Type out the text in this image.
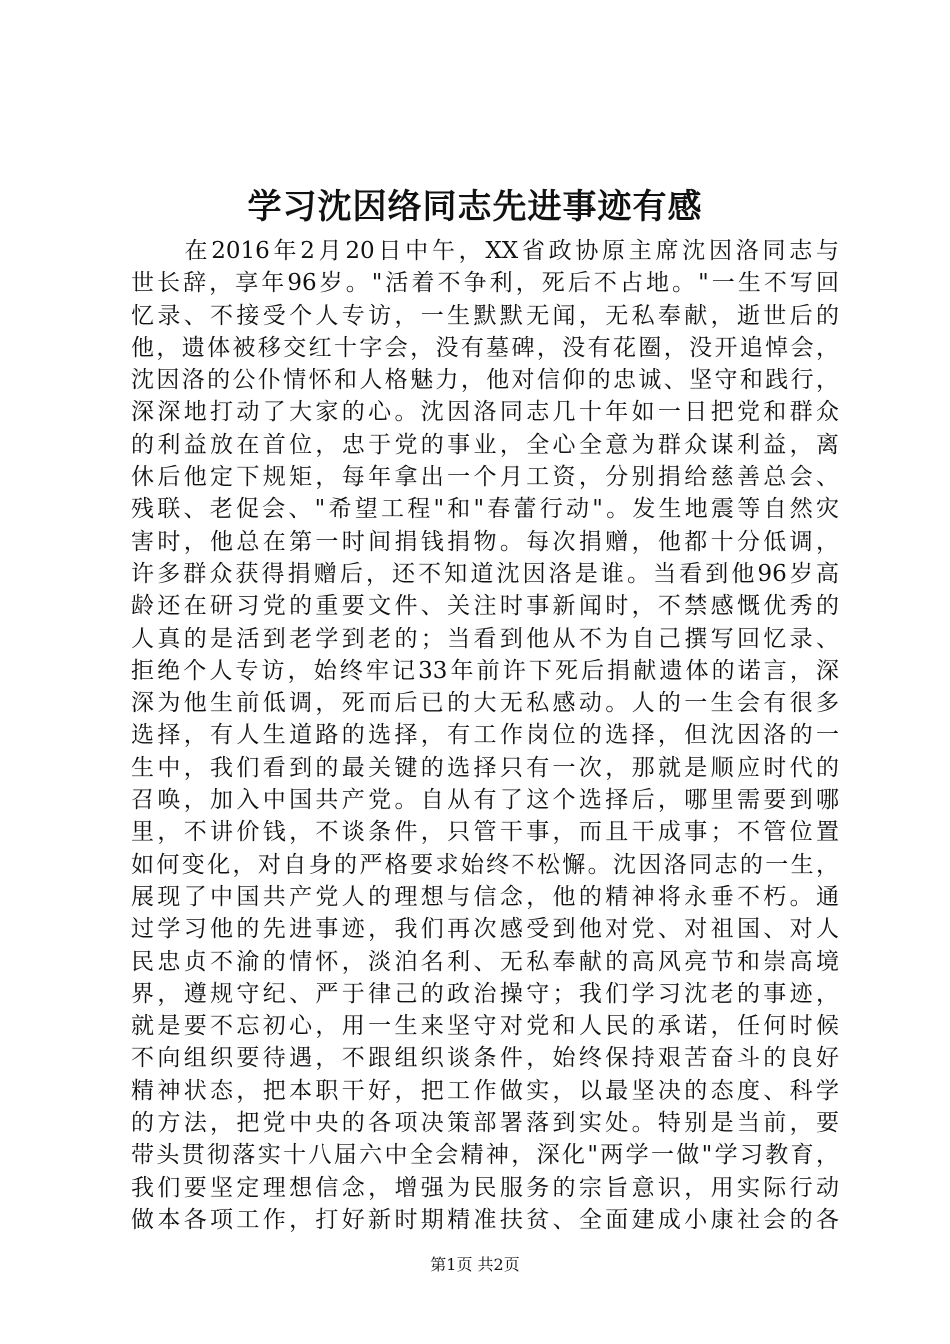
学习沈因络同志先进事迹有感
　　在2016年2月20日中午，XX省政协原主席沈因洛同志与
世长辞，享年96岁。"活着不争利，死后不占地。"一生不写回
忆录、不接受个人专访，一生默默无闻，无私奉献，逝世后的
他，遗体被移交红十字会，没有墓碑，没有花圈，没开追悼会，
沈因洛的公仆情怀和人格魅力，他对信仰的忠诚、坚守和践行，
深深地打动了大家的心。沈因洛同志几十年如一日把党和群众
的利益放在首位，忠于党的事业，全心全意为群众谋利益，离
休后他定下规矩，每年拿出一个月工资，分别捐给慈善总会、
残联、老促会、"希望工程"和"春蕾行动"。发生地震等自然灾
害时，他总在第一时间捐钱捐物。每次捐赠，他都十分低调，
许多群众获得捐赠后，还不知道沈因洛是谁。当看到他96岁高
龄还在研习党的重要文件、关注时事新闻时，不禁感慨优秀的
人真的是活到老学到老的；当看到他从不为自己撰写回忆录、
拒绝个人专访，始终牢记33年前许下死后捐献遗体的诺言，深
深为他生前低调，死而后已的大无私感动。人的一生会有很多
选择，有人生道路的选择，有工作岗位的选择，但沈因洛的一
生中，我们看到的最关键的选择只有一次，那就是顺应时代的
召唤，加入中国共产党。自从有了这个选择后，哪里需要到哪
里，不讲价钱，不谈条件，只管干事，而且干成事；不管位置
如何变化，对自身的严格要求始终不松懈。沈因洛同志的一生，
展现了中国共产党人的理想与信念，他的精神将永垂不朽。通
过学习他的先进事迹，我们再次感受到他对党、对祖国、对人
民忠贞不渝的情怀，淡泊名利、无私奉献的高风亮节和崇高境
界，遵规守纪、严于律己的政治操守；我们学习沈老的事迹，
就是要不忘初心，用一生来坚守对党和人民的承诺，任何时候
不向组织要待遇，不跟组织谈条件，始终保持艰苦奋斗的良好
精神状态，把本职干好，把工作做实，以最坚决的态度、科学
的方法，把党中央的各项决策部署落到实处。特别是当前，要
带头贯彻落实十八届六中全会精神，深化"两学一做"学习教育，
我们要坚定理想信念，增强为民服务的宗旨意识，用实际行动
做本各项工作，打好新时期精准扶贫、全面建成小康社会的各
第1页 共2页
